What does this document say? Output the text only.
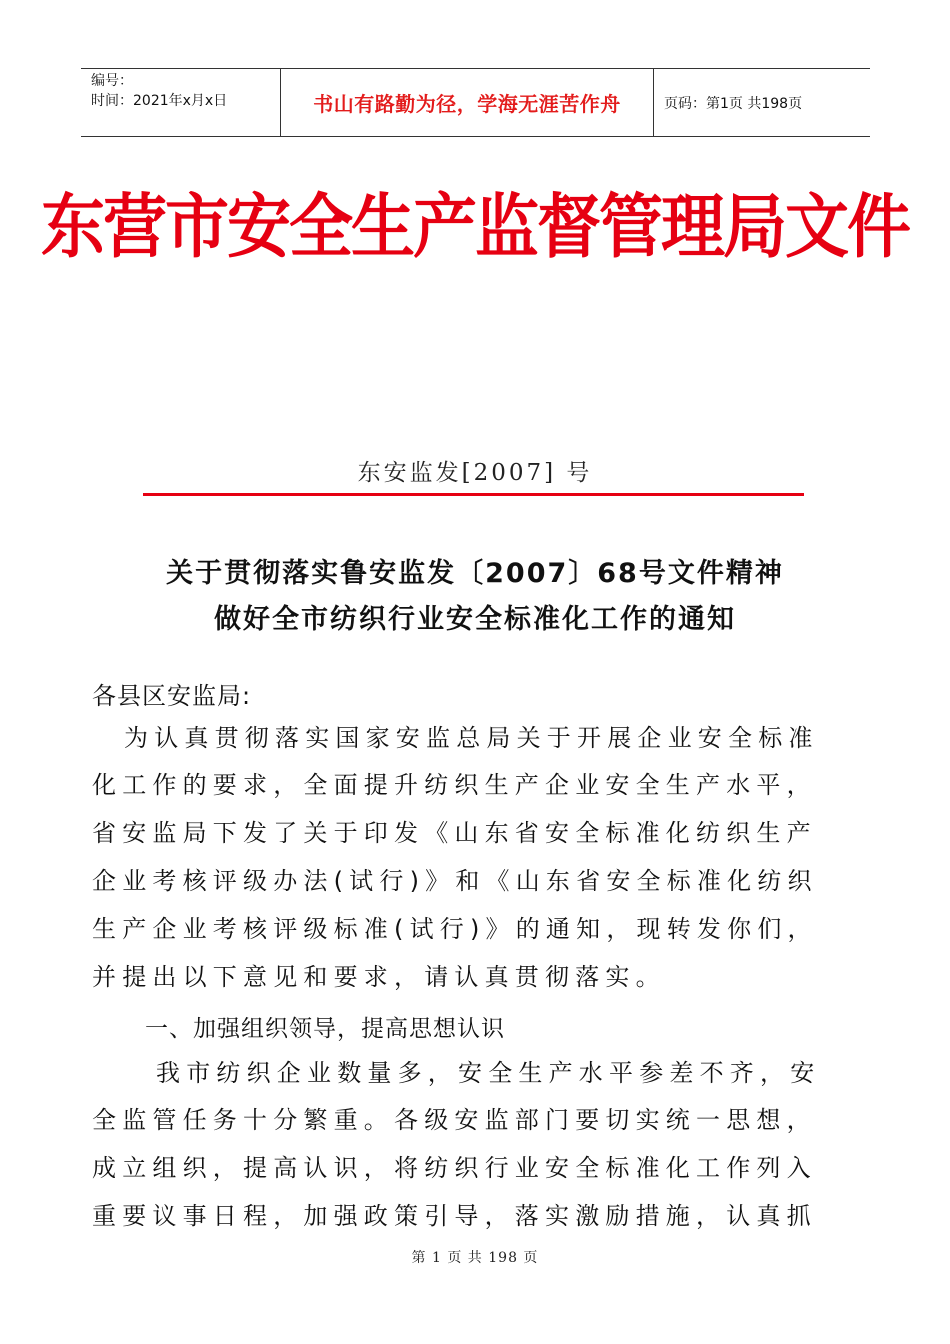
编号：
时间：2021年x月x日	书山有路勤为径，学海无涯苦作舟	页码：第1页 共198页
东营市安全生产监督管理局文件
东安监发[2007] 号
关于贯彻落实鲁安监发〔2007〕68号文件精神
做好全市纺织行业安全标准化工作的通知
各县区安监局:
为认真贯彻落实国家安监总局关于开展企业安全标准
化工作的要求，全面提升纺织生产企业安全生产水平，
省安监局下发了关于印发《山东省安全标准化纺织生产
企业考核评级办法(试行)》和《山东省安全标准化纺织
生产企业考核评级标准(试行)》的通知，现转发你们，
并提出以下意见和要求，请认真贯彻落实。
一、加强组织领导，提高思想认识
我市纺织企业数量多，安全生产水平参差不齐，安
全监管任务十分繁重。各级安监部门要切实统一思想，
成立组织，提高认识，将纺织行业安全标准化工作列入
重要议事日程，加强政策引导，落实激励措施，认真抓
第 1 页 共 198 页
